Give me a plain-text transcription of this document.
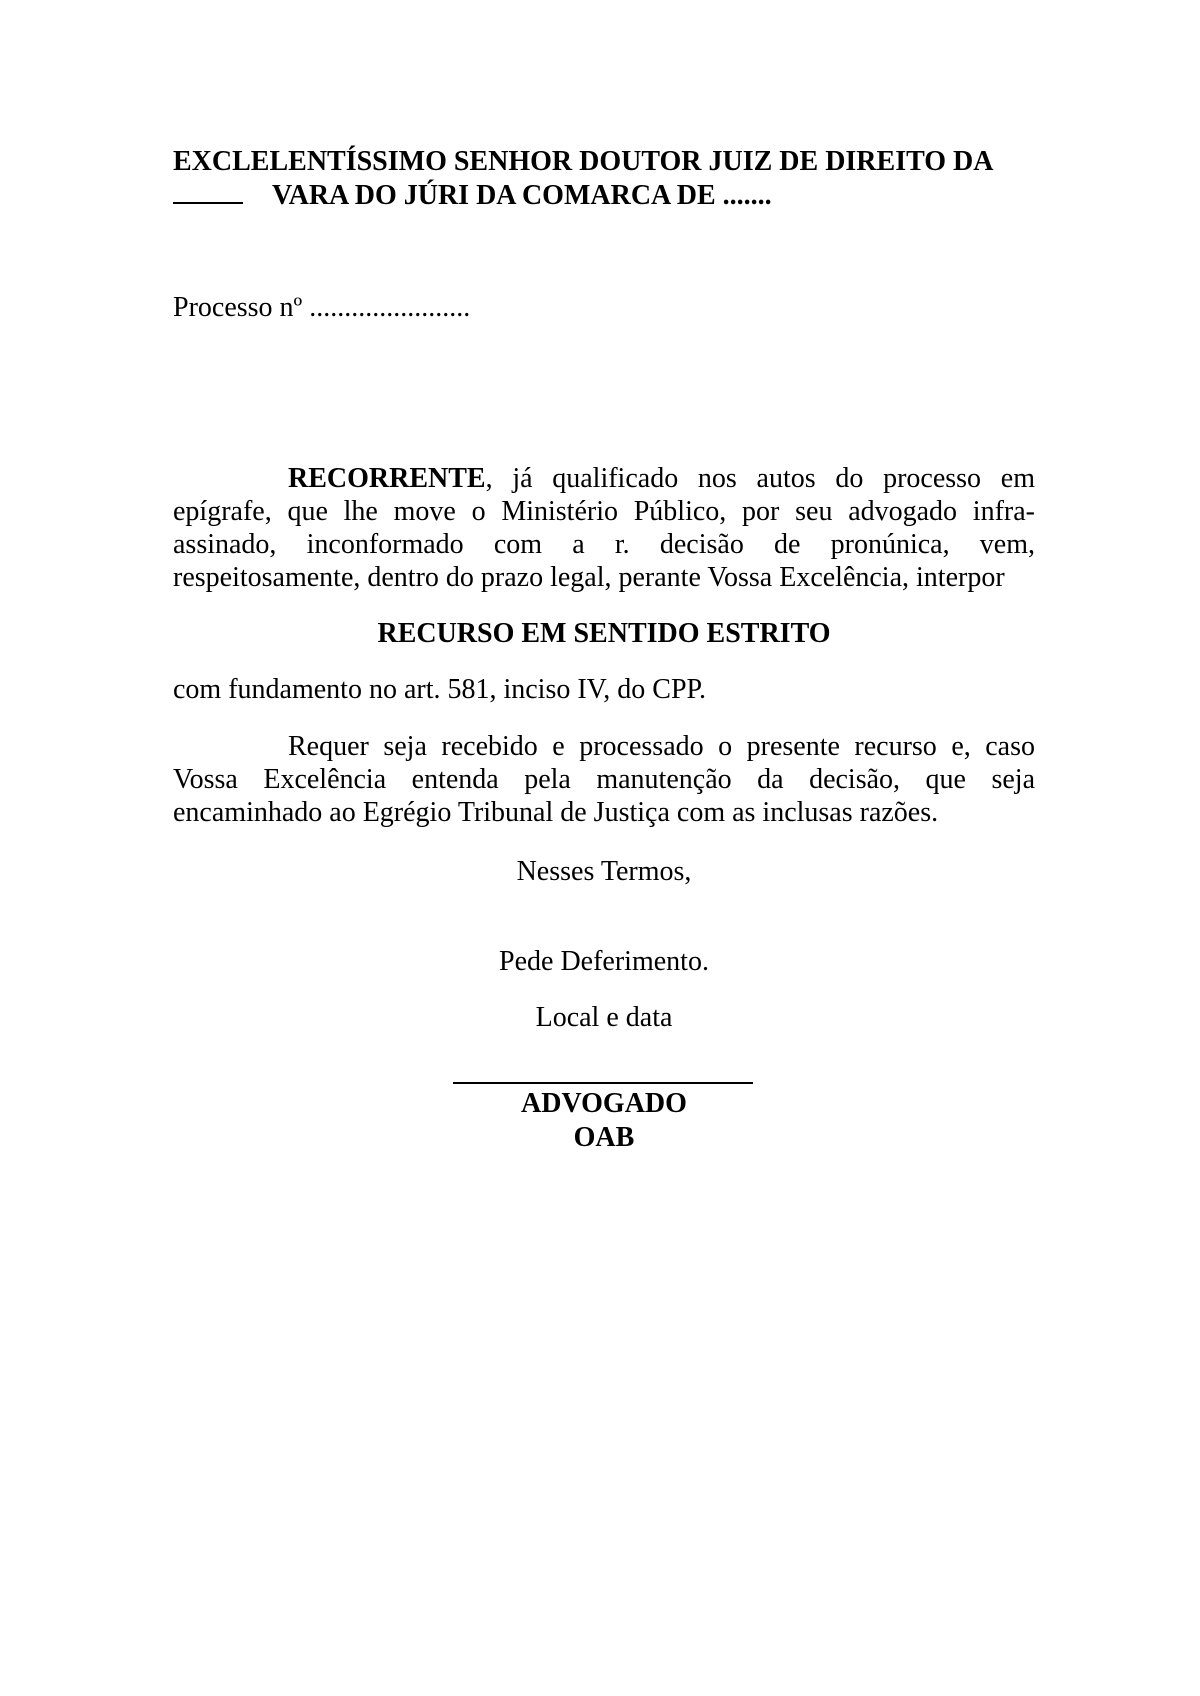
EXCLELENTÍSSIMO SENHOR DOUTOR JUIZ DE DIREITO DA
VARA DO JÚRI DA COMARCA DE .......
Processo nº .......................
RECORRENTE, já qualificado nos autos do processo em epígrafe, que lhe move o Ministério Público, por seu advogado infra-assinado, inconformado com a r. decisão de pronúnica, vem, respeitosamente, dentro do prazo legal, perante Vossa Excelência, interpor
RECURSO EM SENTIDO ESTRITO
com fundamento no art. 581, inciso IV, do CPP.
Requer seja recebido e processado o presente recurso e, caso Vossa Excelência entenda pela manutenção da decisão, que seja encaminhado ao Egrégio Tribunal de Justiça com as inclusas razões.
Nesses Termos,
Pede Deferimento.
Local e data
ADVOGADO
OAB
